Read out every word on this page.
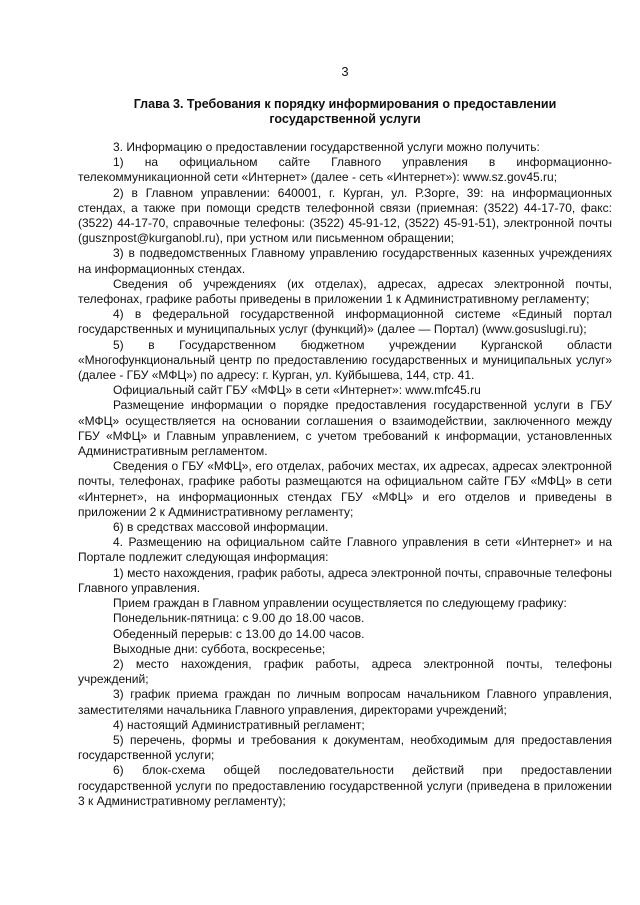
3
Глава 3. Требования к порядку информирования о предоставлении
государственной услуги

3. Информацию о предоставлении государственной услуги можно получить:

1) на официальном сайте Главного управления в информационно-телекоммуникационной сети «Интернет» (далее - сеть «Интернет»): www.sz.gov45.ru;

2) в Главном управлении: 640001, г. Курган, ул. Р.Зорге, 39: на информационных стендах, а также при помощи средств телефонной связи (приемная: (3522) 44-17-70, факс: (3522) 44-17-70, справочные телефоны: (3522) 45-91-12, (3522) 45-91-51), электронной почты (gusznpost@kurganobl.ru), при устном или письменном обращении;

3) в подведомственных Главному управлению государственных казенных учреждениях на информационных стендах.

Сведения об учреждениях (их отделах), адресах, адресах электронной почты, телефонах, графике работы приведены в приложении 1 к Административному регламенту;

4) в федеральной государственной информационной системе «Единый портал государственных и муниципальных услуг (функций)» (далее — Портал) (www.gosuslugi.ru);

5) в Государственном бюджетном учреждении Курганской области «Многофункциональный центр по предоставлению государственных и муниципальных услуг» (далее - ГБУ «МФЦ») по адресу: г. Курган, ул. Куйбышева, 144, стр. 41.

Официальный сайт ГБУ «МФЦ» в сети «Интернет»: www.mfc45.ru

Размещение информации о порядке предоставления государственной услуги в ГБУ «МФЦ» осуществляется на основании соглашения о взаимодействии, заключенного между ГБУ «МФЦ» и Главным управлением, с учетом требований к информации, установленных Административным регламентом.

Сведения о ГБУ «МФЦ», его отделах, рабочих местах, их адресах, адресах электронной почты, телефонах, графике работы размещаются на официальном сайте ГБУ «МФЦ» в сети «Интернет», на информационных стендах ГБУ «МФЦ» и его отделов и приведены в приложении 2 к Административному регламенту;

6) в средствах массовой информации.

4. Размещению на официальном сайте Главного управления в сети «Интернет» и на Портале подлежит следующая информация:

1) место нахождения, график работы, адреса электронной почты, справочные телефоны Главного управления.

Прием граждан в Главном управлении осуществляется по следующему графику:

Понедельник-пятница: с 9.00 до 18.00 часов.

Обеденный перерыв: с 13.00 до 14.00 часов.

Выходные дни: суббота, воскресенье;

2) место нахождения, график работы, адреса электронной почты, телефоны учреждений;

3) график приема граждан по личным вопросам начальником Главного управления, заместителями начальника Главного управления, директорами учреждений;

4) настоящий Административный регламент;

5) перечень, формы и требования к документам, необходимым для предоставления государственной услуги;

6) блок-схема общей последовательности действий при предоставлении государственной услуги по предоставлению государственной услуги (приведена в приложении 3 к Административному регламенту);
